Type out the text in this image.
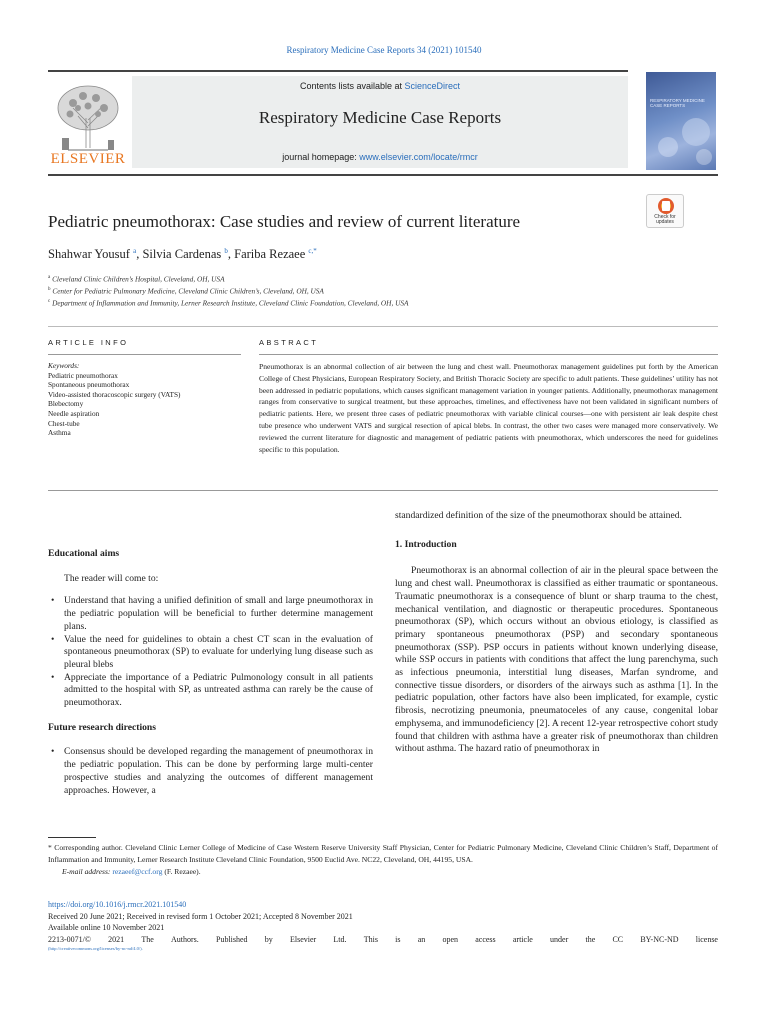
Respiratory Medicine Case Reports 34 (2021) 101540
ELSEVIER
Contents lists available at ScienceDirect
Respiratory Medicine Case Reports
journal homepage: www.elsevier.com/locate/rmcr
RESPIRATORY MEDICINE CASE REPORTS
Pediatric pneumothorax: Case studies and review of current literature	Check for updates
Shahwar Yousuf $^a$, Silvia Cardenas $^b$, Fariba Rezaee $^{c,*}$
$^a$ Cleveland Clinic Children’s Hospital, Cleveland, OH, USA
$^b$ Center for Pediatric Pulmonary Medicine, Cleveland Clinic Children’s, Cleveland, OH, USA
$^c$ Department of Inflammation and Immunity, Lerner Research Institute, Cleveland Clinic Foundation, Cleveland, OH, USA
ARTICLE INFO	ABSTRACT
Keywords:
Pediatric pneumothorax
Spontaneous pneumothorax
Video-assisted thoracoscopic surgery (VATS)
Blebectomy
Needle aspiration
Chest-tube
Asthma
Pneumothorax is an abnormal collection of air between the lung and chest wall. Pneumothorax management guidelines put forth by the American College of Chest Physicians, European Respiratory Society, and British Thoracic Society are specific to adult patients. These guidelines’ utility has not been addressed in pediatric populations, which causes significant management variation in younger patients. Additionally, pneumothorax management ranges from conservative to surgical treatment, but these approaches, timelines, and effectiveness have not been validated in significant numbers of pediatric patients. Here, we present three cases of pediatric pneumothorax with variable clinical courses—one with persistent air leak despite chest tube presence who underwent VATS and surgical resection of apical blebs. In contrast, the other two cases were managed more conservatively. We reviewed the current literature for diagnostic and management of pediatric patients with pneumothorax, which underscores the need for guidelines specific to this population.
Educational aims
The reader will come to:
• Understand that having a unified definition of small and large pneumothorax in the pediatric population will be beneficial to further determine management plans.
• Value the need for guidelines to obtain a chest CT scan in the evaluation of spontaneous pneumothorax (SP) to evaluate for underlying lung disease such as pleural blebs
• Appreciate the importance of a Pediatric Pulmonology consult in all patients admitted to the hospital with SP, as untreated asthma can rarely be the cause of pneumothorax.
Future research directions
• Consensus should be developed regarding the management of pneumothorax in the pediatric population. This can be done by performing large multi-center prospective studies and analyzing the outcomes of different management approaches. However, a
standardized definition of the size of the pneumothorax should be attained.
1. Introduction
Pneumothorax is an abnormal collection of air in the pleural space between the lung and chest wall. Pneumothorax is classified as either traumatic or spontaneous. Traumatic pneumothorax is a consequence of blunt or sharp trauma to the chest, mechanical ventilation, and diagnostic or therapeutic procedures. Spontaneous pneumothorax (SP), which occurs without an obvious etiology, is classified as primary spontaneous pneumothorax (PSP) and secondary spontaneous pneumothorax (SSP). PSP occurs in patients without known underlying disease, while SSP occurs in patients with conditions that affect the lung parenchyma, such as infectious pneumonia, interstitial lung diseases, Marfan syndrome, and connective tissue disorders, or disorders of the airways such as asthma [1]. In the pediatric population, other factors have also been implicated, for example, cystic fibrosis, necrotizing pneumonia, pneumatoceles of any cause, congenital lobar emphysema, and immunodeficiency [2]. A recent 12-year retrospective cohort study found that children with asthma have a greater risk of pneumothorax than children without asthma. The hazard ratio of pneumothorax in
* Corresponding author. Cleveland Clinic Lerner College of Medicine of Case Western Reserve University Staff Physician, Center for Pediatric Pulmonary Medicine, Cleveland Clinic Children’s Staff, Department of Inflammation and Immunity, Lerner Research Institute Cleveland Clinic Foundation, 9500 Euclid Ave. NC22, Cleveland, OH, 44195, USA.
E-mail address: rezaeef@ccf.org (F. Rezaee).
https://doi.org/10.1016/j.rmcr.2021.101540
Received 20 June 2021; Received in revised form 1 October 2021; Accepted 8 November 2021
Available online 10 November 2021
2213-0071/© 2021 The Authors. Published by Elsevier Ltd. This is an open access article under the CC BY-NC-ND license
(http://creativecommons.org/licenses/by-nc-nd/4.0/).
